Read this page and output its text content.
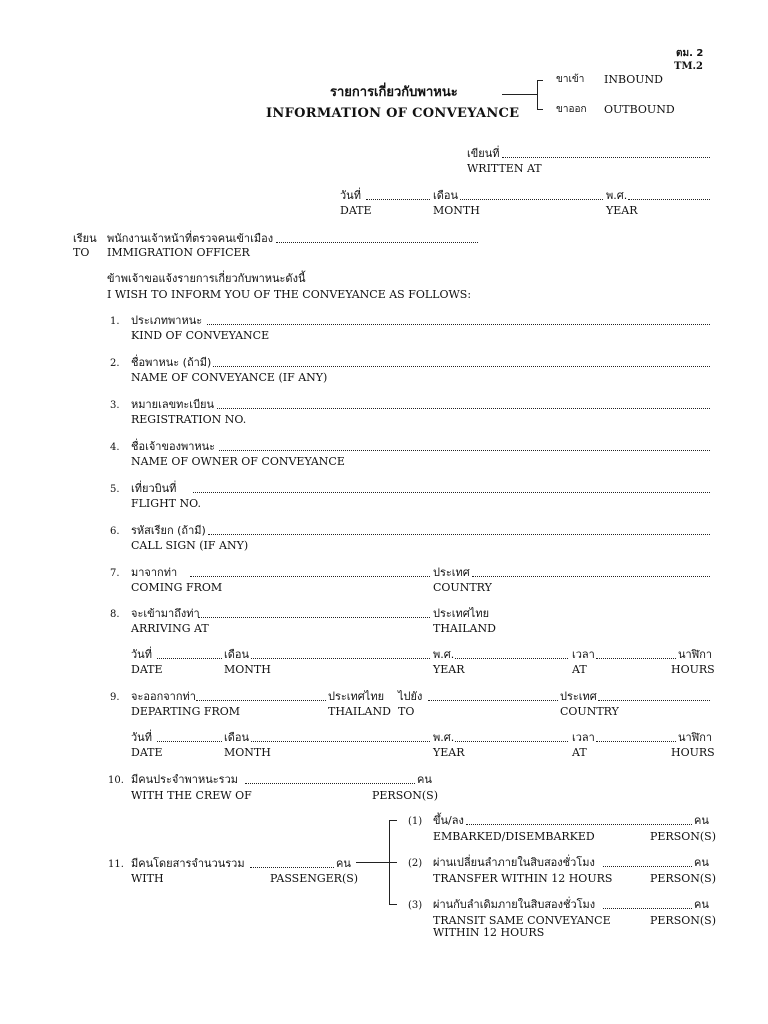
ตม. 2
TM.2
รายการเกี่ยวกับพาหนะ
INFORMATION OF CONVEYANCE
ขาเข้า INBOUND
ขาออก OUTBOUND
เขียนที่
WRITTEN AT
วันที่	เดือน	พ.ศ.
DATE	MONTH	YEAR
เรียน พนักงานเจ้าหน้าที่ตรวจคนเข้าเมือง
TO IMMIGRATION OFFICER
ข้าพเจ้าขอแจ้งรายการเกี่ยวกับพาหนะดังนี้
I WISH TO INFORM YOU OF THE CONVEYANCE AS FOLLOWS:
1. ประเภทพาหนะ
KIND OF CONVEYANCE
2. ชื่อพาหนะ (ถ้ามี)
NAME OF CONVEYANCE (IF ANY)
3. หมายเลขทะเบียน
REGISTRATION NO.
4. ชื่อเจ้าของพาหนะ
NAME OF OWNER OF CONVEYANCE
5. เที่ยวบินที่
FLIGHT NO.
6. รหัสเรียก (ถ้ามี)
CALL SIGN (IF ANY)
7. มาจากท่า	ประเทศ
COMING FROM	COUNTRY
8. จะเข้ามาถึงท่า	ประเทศไทย
ARRIVING AT	THAILAND
วันที่	เดือน	พ.ศ.	เวลา	นาฬิกา
DATE	MONTH	YEAR	AT	HOURS
9. จะออกจากท่า	ประเทศไทย ไปยัง	ประเทศ
DEPARTING FROM	THAILAND TO	COUNTRY
วันที่	เดือน	พ.ศ.	เวลา	นาฬิกา
DATE	MONTH	YEAR	AT	HOURS
10. มีคนประจำพาหนะรวม	คน
WITH THE CREW OF	PERSON(S)
11. มีคนโดยสารจำนวนรวม	คน
WITH	PASSENGER(S)
(1) ขึ้น/ลง	คน
EMBARKED/DISEMBARKED	PERSON(S)
(2) ผ่านเปลี่ยนลำภายในสิบสองชั่วโมง	คน
TRANSFER WITHIN 12 HOURS	PERSON(S)
(3) ผ่านกับลำเดิมภายในสิบสองชั่วโมง	คน
TRANSIT SAME CONVEYANCE
WITHIN 12 HOURS
PERSON(S)
